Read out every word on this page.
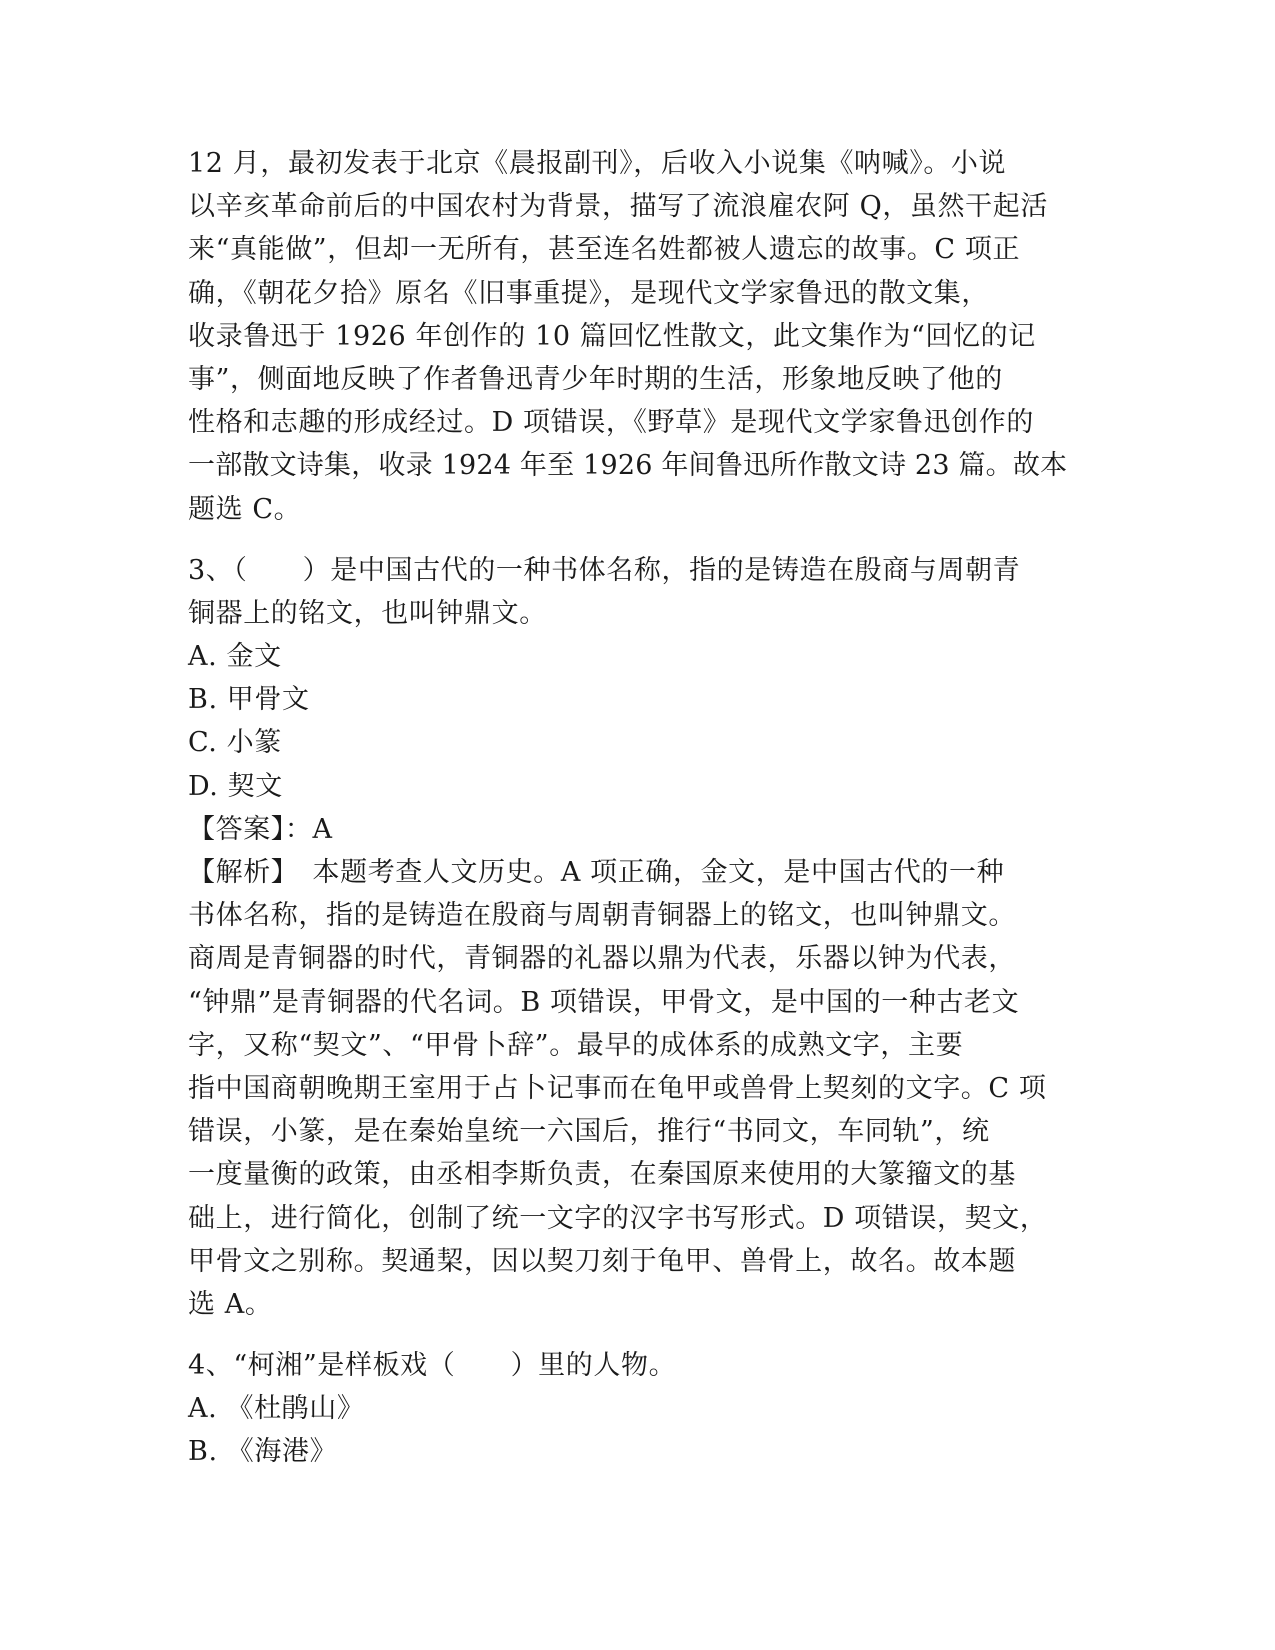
12 月，最初发表于北京《晨报副刊》，后收入小说集《呐喊》。小说
以辛亥革命前后的中国农村为背景，描写了流浪雇农阿 Q，虽然干起活
来“真能做”，但却一无所有，甚至连名姓都被人遗忘的故事。C 项正
确，《朝花夕拾》原名《旧事重提》，是现代文学家鲁迅的散文集，
收录鲁迅于 1926 年创作的 10 篇回忆性散文，此文集作为“回忆的记
事”，侧面地反映了作者鲁迅青少年时期的生活，形象地反映了他的
性格和志趣的形成经过。D 项错误，《野草》是现代文学家鲁迅创作的
一部散文诗集，收录 1924 年至 1926 年间鲁迅所作散文诗 23 篇。故本
题选 C。
3、（　　）是中国古代的一种书体名称，指的是铸造在殷商与周朝青
铜器上的铭文，也叫钟鼎文。
A. 金文
B. 甲骨文
C. 小篆
D. 契文
【答案】：A
【解析】　本题考查人文历史。A 项正确，金文，是中国古代的一种
书体名称，指的是铸造在殷商与周朝青铜器上的铭文，也叫钟鼎文。
商周是青铜器的时代，青铜器的礼器以鼎为代表，乐器以钟为代表，
“钟鼎”是青铜器的代名词。B 项错误，甲骨文，是中国的一种古老文
字，又称“契文”、“甲骨卜辞”。最早的成体系的成熟文字，主要
指中国商朝晚期王室用于占卜记事而在龟甲或兽骨上契刻的文字。C 项
错误，小篆，是在秦始皇统一六国后，推行“书同文，车同轨”，统
一度量衡的政策，由丞相李斯负责，在秦国原来使用的大篆籀文的基
础上，进行简化，创制了统一文字的汉字书写形式。D 项错误，契文，
甲骨文之别称。契通栔，因以契刀刻于龟甲、兽骨上，故名。故本题
选 A。
4、“柯湘”是样板戏（　　）里的人物。
A. 《杜鹃山》
B. 《海港》
